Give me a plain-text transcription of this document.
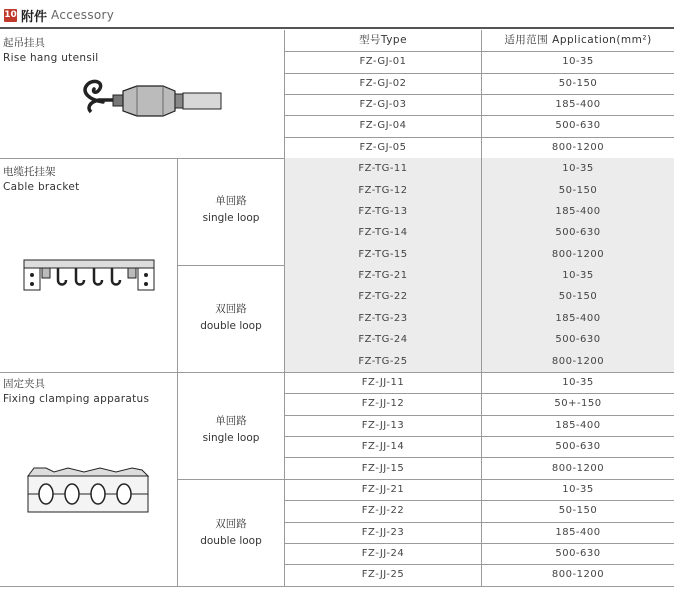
10 附件 Accessory
型号Type	适用范围 Application(mm²)
FZ-GJ-01	10-35
FZ-GJ-02	50-150
FZ-GJ-03	185-400
FZ-GJ-04	500-630
FZ-GJ-05	800-1200
FZ-TG-11	10-35
FZ-TG-12	50-150
FZ-TG-13	185-400
FZ-TG-14	500-630
FZ-TG-15	800-1200
FZ-TG-21	10-35
FZ-TG-22	50-150
FZ-TG-23	185-400
FZ-TG-24	500-630
FZ-TG-25	800-1200
FZ-JJ-11	10-35
FZ-JJ-12	50+-150
FZ-JJ-13	185-400
FZ-JJ-14	500-630
FZ-JJ-15	800-1200
FZ-JJ-21	10-35
FZ-JJ-22	50-150
FZ-JJ-23	185-400
FZ-JJ-24	500-630
FZ-JJ-25	800-1200
起吊挂具
Rise hang utensil
电缆托挂架
Cable bracket
固定夹具
Fixing clamping apparatus
单回路
single loop
双回路
double loop
单回路
single loop
双回路
double loop
